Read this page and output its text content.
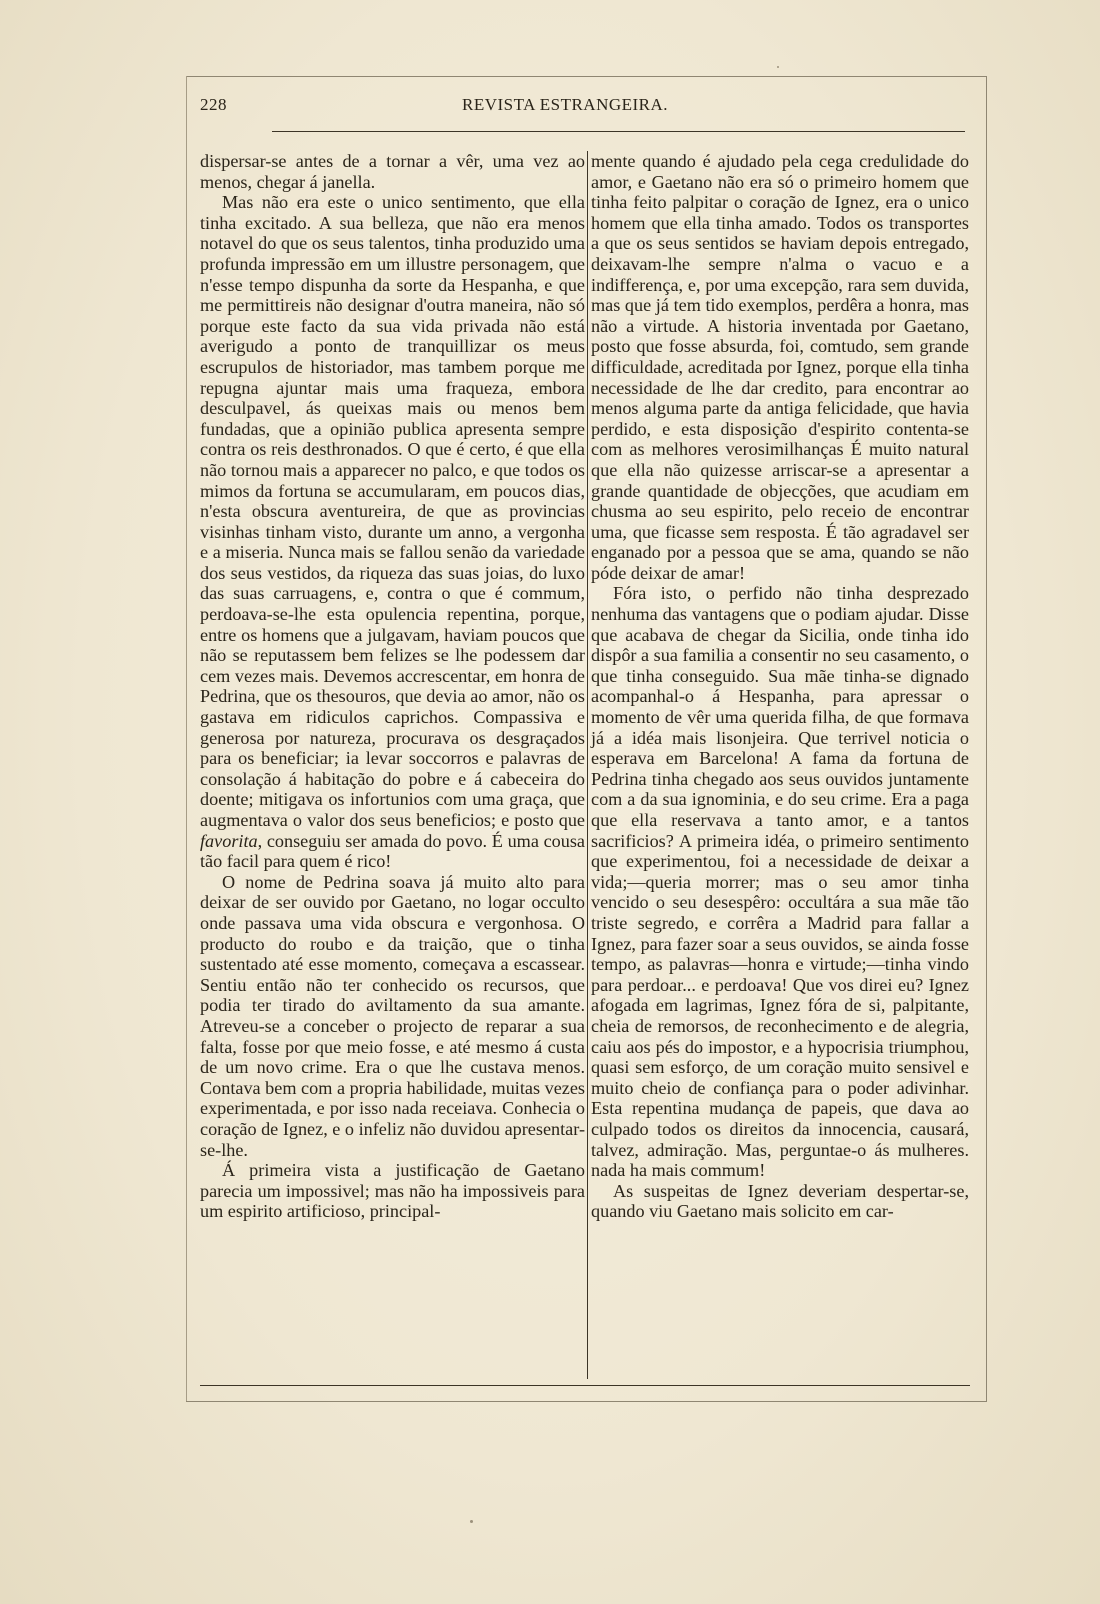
228	REVISTA ESTRANGEIRA.

dispersar-se antes de a tornar a vêr, uma vez ao menos, chegar á janella.

Mas não era este o unico sentimento, que ella tinha excitado. A sua belleza, que não era menos notavel do que os seus talentos, tinha produzido uma profunda impressão em um illustre personagem, que n'esse tempo dispunha da sorte da Hespanha, e que me permittireis não designar d'outra maneira, não só porque este facto da sua vida privada não está averigudo a ponto de tranquillizar os meus escrupulos de historiador, mas tambem porque me repugna ajuntar mais uma fraqueza, embora desculpavel, ás queixas mais ou menos bem fundadas, que a opinião publica apresenta sempre contra os reis desthronados. O que é certo, é que ella não tornou mais a apparecer no palco, e que todos os mimos da fortuna se accumularam, em poucos dias, n'esta obscura aventureira, de que as provincias visinhas tinham visto, durante um anno, a vergonha e a miseria. Nunca mais se fallou senão da variedade dos seus vestidos, da riqueza das suas joias, do luxo das suas carruagens, e, contra o que é commum, perdoava-se-lhe esta opulencia repentina, porque, entre os homens que a julgavam, haviam poucos que não se reputassem bem felizes se lhe podessem dar cem vezes mais. Devemos accrescentar, em honra de Pedrina, que os thesouros, que devia ao amor, não os gastava em ridiculos caprichos. Compassiva e generosa por natureza, procurava os desgraçados para os beneficiar; ia levar soccorros e palavras de consolação á habitação do pobre e á cabeceira do doente; mitigava os infortunios com uma graça, que augmentava o valor dos seus beneficios; e posto que favorita, conseguiu ser amada do povo. É uma cousa tão facil para quem é rico!

O nome de Pedrina soava já muito alto para deixar de ser ouvido por Gaetano, no logar occulto onde passava uma vida obscura e vergonhosa. O producto do roubo e da traição, que o tinha sustentado até esse momento, começava a escassear. Sentiu então não ter conhecido os recursos, que podia ter tirado do aviltamento da sua amante. Atreveu-se a conceber o projecto de reparar a sua falta, fosse por que meio fosse, e até mesmo á custa de um novo crime. Era o que lhe custava menos. Contava bem com a propria habilidade, muitas vezes experimentada, e por isso nada receiava. Conhecia o coração de Ignez, e o infeliz não duvidou apresentar-se-lhe.

Á primeira vista a justificação de Gaetano parecia um impossivel; mas não ha impossiveis para um espirito artificioso, principal-

mente quando é ajudado pela cega credulidade do amor, e Gaetano não era só o primeiro homem que tinha feito palpitar o coração de Ignez, era o unico homem que ella tinha amado. Todos os transportes a que os seus sentidos se haviam depois entregado, deixavam-lhe sempre n'alma o vacuo e a indifferença, e, por uma excepção, rara sem duvida, mas que já tem tido exemplos, perdêra a honra, mas não a virtude. A historia inventada por Gaetano, posto que fosse absurda, foi, comtudo, sem grande difficuldade, acreditada por Ignez, porque ella tinha necessidade de lhe dar credito, para encontrar ao menos alguma parte da antiga felicidade, que havia perdido, e esta disposição d'espirito contenta-se com as melhores verosimilhanças É muito natural que ella não quizesse arriscar-se a apresentar a grande quantidade de objecções, que acudiam em chusma ao seu espirito, pelo receio de encontrar uma, que ficasse sem resposta. É tão agradavel ser enganado por a pessoa que se ama, quando se não póde deixar de amar!

Fóra isto, o perfido não tinha desprezado nenhuma das vantagens que o podiam ajudar. Disse que acabava de chegar da Sicilia, onde tinha ido dispôr a sua familia a consentir no seu casamento, o que tinha conseguido. Sua mãe tinha-se dignado acompanhal-o á Hespanha, para apressar o momento de vêr uma querida filha, de que formava já a idéa mais lisonjeira. Que terrivel noticia o esperava em Barcelona! A fama da fortuna de Pedrina tinha chegado aos seus ouvidos juntamente com a da sua ignominia, e do seu crime. Era a paga que ella reservava a tanto amor, e a tantos sacrificios? A primeira idéa, o primeiro sentimento que experimentou, foi a necessidade de deixar a vida;—queria morrer; mas o seu amor tinha vencido o seu desespêro: occultára a sua mãe tão triste segredo, e corrêra a Madrid para fallar a Ignez, para fazer soar a seus ouvidos, se ainda fosse tempo, as palavras—honra e virtude;—tinha vindo para perdoar... e perdoava! Que vos direi eu? Ignez afogada em lagrimas, Ignez fóra de si, palpitante, cheia de remorsos, de reconhecimento e de alegria, caiu aos pés do impostor, e a hypocrisia triumphou, quasi sem esforço, de um coração muito sensivel e muito cheio de confiança para o poder adivinhar. Esta repentina mudança de papeis, que dava ao culpado todos os direitos da innocencia, causará, talvez, admiração. Mas, perguntae-o ás mulheres. nada ha mais commum!

As suspeitas de Ignez deveriam despertar-se, quando viu Gaetano mais solicito em car-
